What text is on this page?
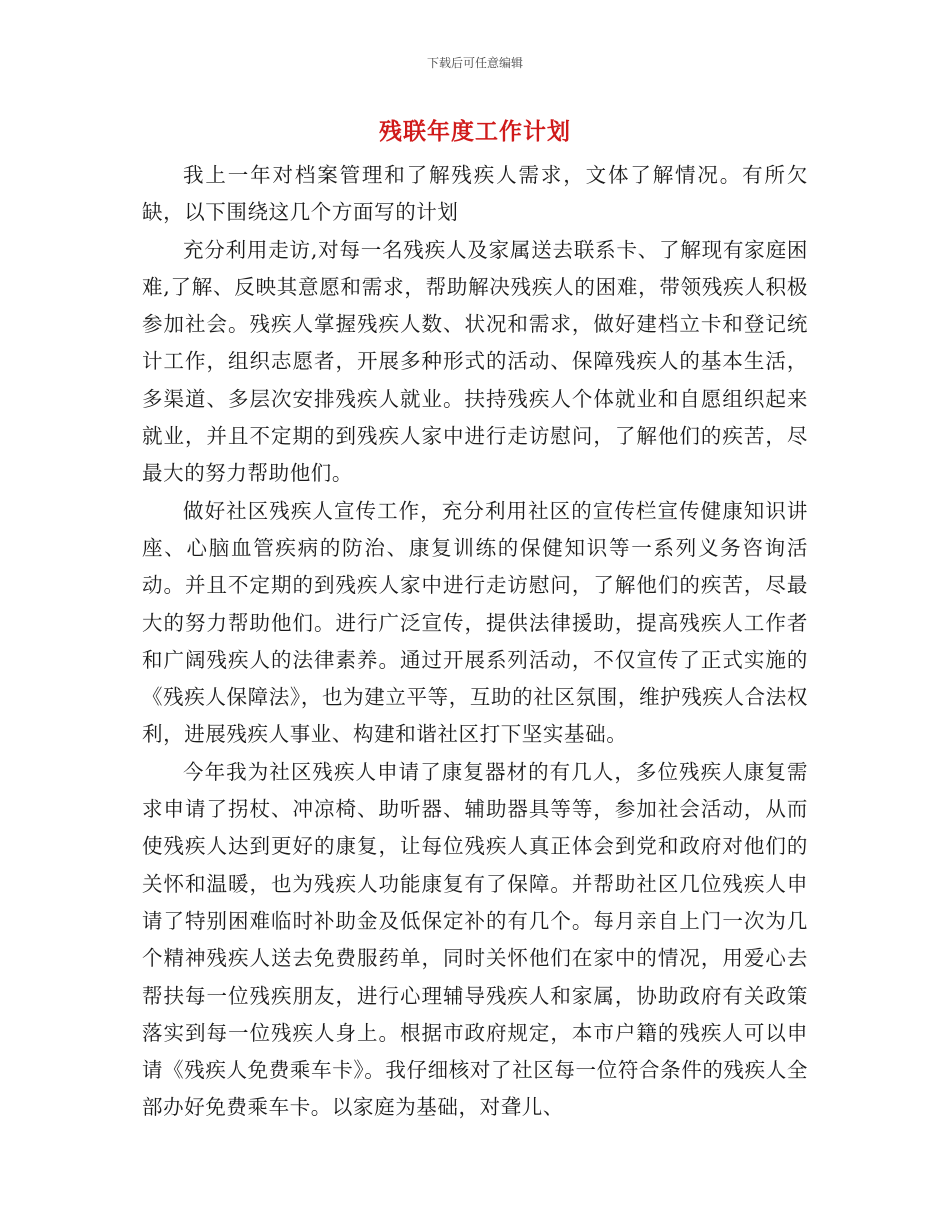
下载后可任意编辑
残联年度工作计划

我上一年对档案管理和了解残疾人需求，文体了解情况。有所欠缺，以下围绕这几个方面写的计划

充分利用走访,对每一名残疾人及家属送去联系卡、了解现有家庭困难,了解、反映其意愿和需求，帮助解决残疾人的困难，带领残疾人积极参加社会。残疾人掌握残疾人数、状况和需求，做好建档立卡和登记统计工作，组织志愿者，开展多种形式的活动、保障残疾人的基本生活，多渠道、多层次安排残疾人就业。扶持残疾人个体就业和自愿组织起来就业，并且不定期的到残疾人家中进行走访慰问，了解他们的疾苦，尽最大的努力帮助他们。

做好社区残疾人宣传工作，充分利用社区的宣传栏宣传健康知识讲座、心脑血管疾病的防治、康复训练的保健知识等一系列义务咨询活动。并且不定期的到残疾人家中进行走访慰问，了解他们的疾苦，尽最大的努力帮助他们。进行广泛宣传，提供法律援助，提高残疾人工作者和广阔残疾人的法律素养。通过开展系列活动，不仅宣传了正式实施的《残疾人保障法》，也为建立平等，互助的社区氛围，维护残疾人合法权利，进展残疾人事业、构建和谐社区打下坚实基础。

今年我为社区残疾人申请了康复器材的有几人，多位残疾人康复需求申请了拐杖、冲凉椅、助听器、辅助器具等等，参加社会活动，从而使残疾人达到更好的康复，让每位残疾人真正体会到党和政府对他们的关怀和温暖，也为残疾人功能康复有了保障。并帮助社区几位残疾人申请了特别困难临时补助金及低保定补的有几个。每月亲自上门一次为几个精神残疾人送去免费服药单，同时关怀他们在家中的情况，用爱心去帮扶每一位残疾朋友，进行心理辅导残疾人和家属，协助政府有关政策落实到每一位残疾人身上。根据市政府规定，本市户籍的残疾人可以申请《残疾人免费乘车卡》。我仔细核对了社区每一位符合条件的残疾人全部办好免费乘车卡。以家庭为基础，对聋儿、
